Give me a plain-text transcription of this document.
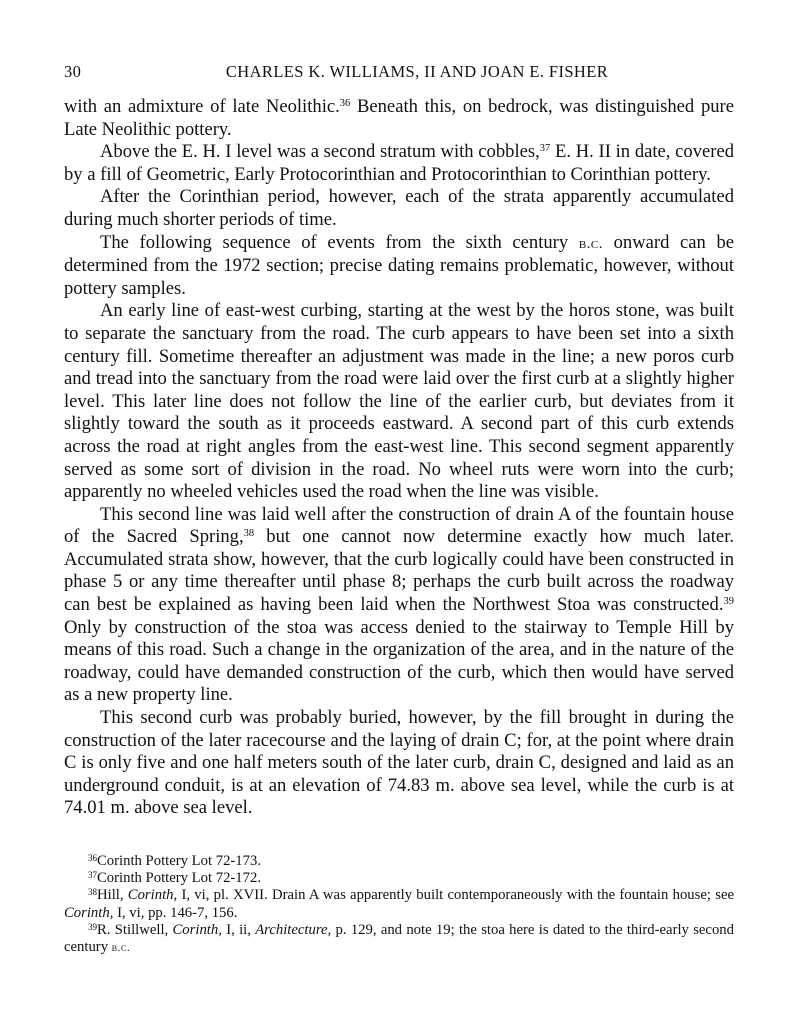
30	CHARLES K. WILLIAMS, II AND JOAN E. FISHER

with an admixture of late Neolithic.$^{36}$ Beneath this, on bedrock, was distinguished pure Late Neolithic pottery.

Above the E. H. I level was a second stratum with cobbles,$^{37}$ E. H. II in date, covered by a fill of Geometric, Early Protocorinthian and Protocorinthian to Corinthian pottery.

After the Corinthian period, however, each of the strata apparently accumulated during much shorter periods of time.

The following sequence of events from the sixth century b.c. onward can be determined from the 1972 section; precise dating remains problematic, however, without pottery samples.

An early line of east-west curbing, starting at the west by the horos stone, was built to separate the sanctuary from the road. The curb appears to have been set into a sixth century fill. Sometime thereafter an adjustment was made in the line; a new poros curb and tread into the sanctuary from the road were laid over the first curb at a slightly higher level. This later line does not follow the line of the earlier curb, but deviates from it slightly toward the south as it proceeds eastward. A second part of this curb extends across the road at right angles from the east-west line. This second segment apparently served as some sort of division in the road. No wheel ruts were worn into the curb; apparently no wheeled vehicles used the road when the line was visible.

This second line was laid well after the construction of drain A of the fountain house of the Sacred Spring,$^{38}$ but one cannot now determine exactly how much later. Accumulated strata show, however, that the curb logically could have been constructed in phase 5 or any time thereafter until phase 8; perhaps the curb built across the roadway can best be explained as having been laid when the Northwest Stoa was constructed.$^{39}$ Only by construction of the stoa was access denied to the stairway to Temple Hill by means of this road. Such a change in the organization of the area, and in the nature of the roadway, could have demanded construction of the curb, which then would have served as a new property line.

This second curb was probably buried, however, by the fill brought in during the construction of the later racecourse and the laying of drain C; for, at the point where drain C is only five and one half meters south of the later curb, drain C, designed and laid as an underground conduit, is at an elevation of 74.83 m. above sea level, while the curb is at 74.01 m. above sea level.

$^{36}$Corinth Pottery Lot 72-173.

$^{37}$Corinth Pottery Lot 72-172.

$^{38}$Hill, Corinth, I, vi, pl. XVII. Drain A was apparently built contemporaneously with the fountain house; see Corinth, I, vi, pp. 146-7, 156.

$^{39}$R. Stillwell, Corinth, I, ii, Architecture, p. 129, and note 19; the stoa here is dated to the third-early second century b.c.
